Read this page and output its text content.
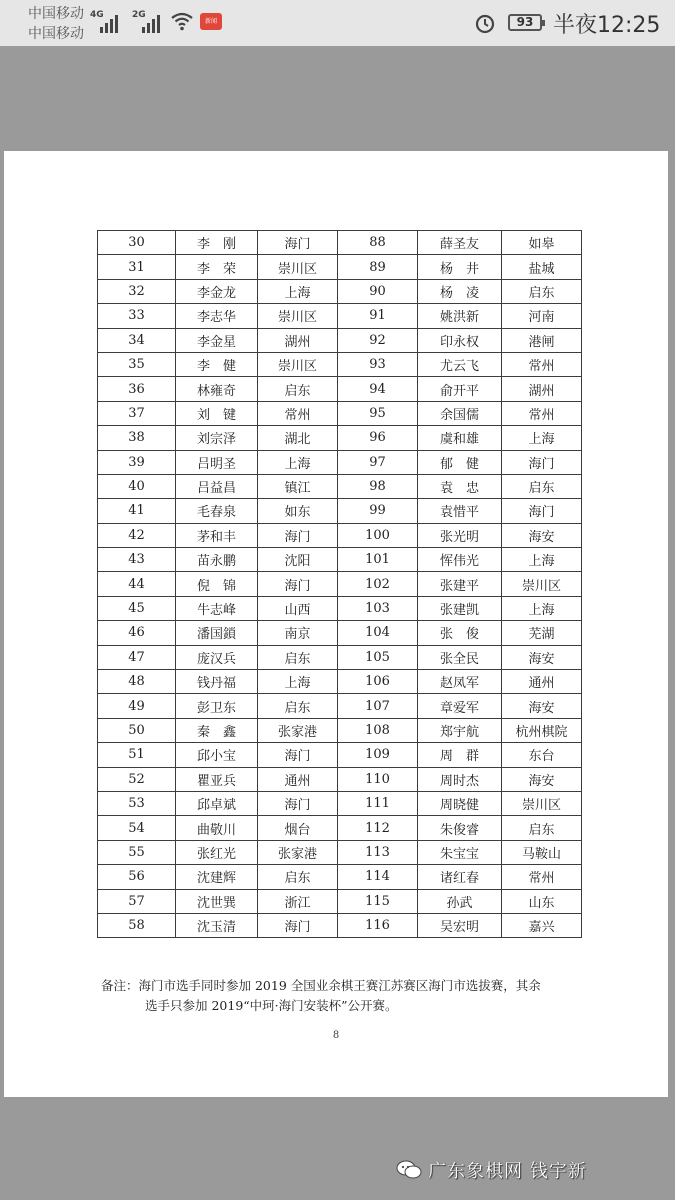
中国移动
中国移动
4G	2G
新闻	93 半夜12:25
30	李　刚	海门	88	薛圣友	如皋
31	李　荣	崇川区	89	杨　井	盐城
32	李金龙	上海	90	杨　凌	启东
33	李志华	崇川区	91	姚洪新	河南
34	李金星	湖州	92	印永权	港闸
35	李　健	崇川区	93	尤云飞	常州
36	林雍奇	启东	94	俞开平	湖州
37	刘　键	常州	95	余国儒	常州
38	刘宗泽	湖北	96	虞和雄	上海
39	吕明圣	上海	97	郁　健	海门
40	吕益昌	镇江	98	袁　忠	启东
41	毛春泉	如东	99	袁惜平	海门
42	茅和丰	海门	100	张光明	海安
43	苗永鹏	沈阳	101	恽伟光	上海
44	倪　锦	海门	102	张建平	崇川区
45	牛志峰	山西	103	张建凯	上海
46	潘国鎖	南京	104	张　俊	芜湖
47	庞汉兵	启东	105	张全民	海安
48	钱丹福	上海	106	赵凤军	通州
49	彭卫东	启东	107	章爱军	海安
50	秦　鑫	张家港	108	郑宇航	杭州棋院
51	邱小宝	海门	109	周　群	东台
52	瞿亚兵	通州	110	周时杰	海安
53	邱卓斌	海门	111	周晓健	崇川区
54	曲敬川	烟台	112	朱俊睿	启东
55	张红光	张家港	113	朱宝宝	马鞍山
56	沈建辉	启东	114	诸红春	常州
57	沈世巽	浙江	115	孙武	山东
58	沈玉清	海门	116	吴宏明	嘉兴
备注：海门市选手同时参加 2019 全国业余棋王赛江苏赛区海门市选拔赛，其余
选手只参加 2019“中珂·海门安装杯”公开赛。
8
广东象棋网 钱宇新
